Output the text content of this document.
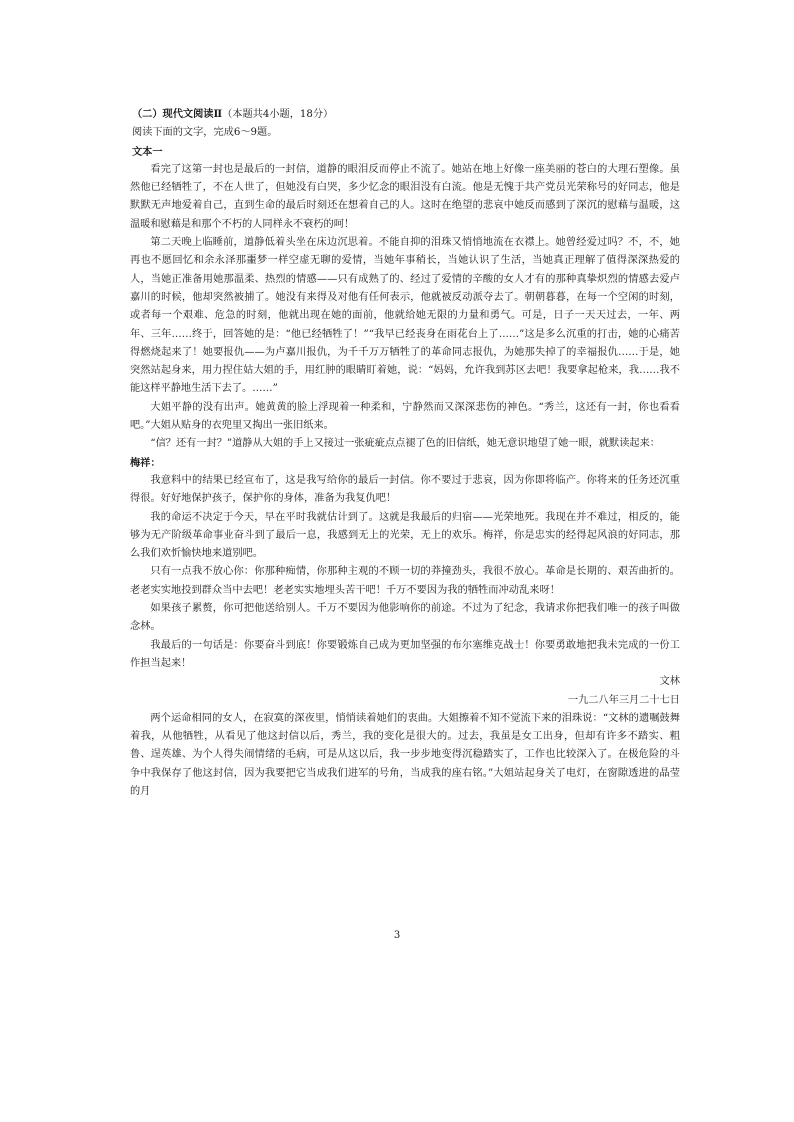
（二）现代文阅读Ⅱ（本题共4小题，18分）

阅读下面的文字，完成6～9题。

文本一

看完了这第一封也是最后的一封信，道静的眼泪反而停止不流了。她站在地上好像一座美丽的苍白的大理石塑像。虽然他已经牺牲了，不在人世了，但她没有白哭，多少忆念的眼泪没有白流。他是无愧于共产党员光荣称号的好同志，他是默默无声地爱着自己，直到生命的最后时刻还在想着自己的人。这时在绝望的悲哀中她反而感到了深沉的慰藉与温暖，这温暖和慰藉是和那个不朽的人同样永不衰朽的呵！

第二天晚上临睡前，道静低着头坐在床边沉思着。不能自抑的泪珠又悄悄地流在衣襟上。她曾经爱过吗？不，不，她再也不愿回忆和余永泽那噩梦一样空虚无聊的爱情，当她年事稍长，当她认识了生活，当她真正理解了值得深深热爱的人，当她正准备用她那温柔、热烈的情感——只有成熟了的、经过了爱情的辛酸的女人才有的那种真挚炽烈的情感去爱卢嘉川的时候，他却突然被捕了。她没有来得及对他有任何表示，他就被反动派夺去了。朝朝暮暮，在每一个空闲的时刻，或者每一个艰难、危急的时刻，他就出现在她的面前，他就给她无限的力量和勇气。可是，日子一天天过去，一年、两年、三年……终于，回答她的是：“他已经牺牲了！”“我早已经丧身在雨花台上了……”这是多么沉重的打击，她的心痛苦得燃烧起来了！她要报仇——为卢嘉川报仇，为千千万万牺牲了的革命同志报仇，为她那失掉了的幸福报仇……于是，她突然站起身来，用力捏住姑大姐的手，用红肿的眼睛盯着她，说：“妈妈，允许我到苏区去吧！我要拿起枪来，我……我不能这样平静地生活下去了。……”

大姐平静的没有出声。她黄黄的脸上浮现着一种柔和，宁静然而又深深悲伤的神色。“秀兰，这还有一封，你也看看吧。”大姐从贴身的衣兜里又掏出一张旧纸来。

“信？还有一封？”道静从大姐的手上又接过一张疵疵点点褪了色的旧信纸，她无意识地望了她一眼，就默读起来：

梅祥：

我意料中的结果已经宣布了，这是我写给你的最后一封信。你不要过于悲哀，因为你即将临产。你将来的任务还沉重得很。好好地保护孩子，保护你的身体，准备为我复仇吧！

我的命运不决定于今天，早在平时我就估计到了。这就是我最后的归宿——光荣地死。我现在并不难过，相反的，能够为无产阶级革命事业奋斗到了最后一息，我感到无上的光荣，无上的欢乐。梅祥，你是忠实的经得起风浪的好同志，那么我们欢忻愉快地来道别吧。

只有一点我不放心你：你那种痴情，你那种主观的不顾一切的莽撞劲头，我很不放心。革命是长期的、艰苦曲折的。老老实实地投到群众当中去吧！老老实实地埋头苦干吧！千万不要因为我的牺牲而冲动乱来呀！

如果孩子累赘，你可把他送给别人。千万不要因为他影响你的前途。不过为了纪念，我请求你把我们唯一的孩子叫做念林。

我最后的一句话是：你要奋斗到底！你要锻炼自己成为更加坚强的布尔塞维克战士！你要勇敢地把我未完成的一份工作担当起来！

文林

一九二八年三月二十七日

两个运命相同的女人，在寂寞的深夜里，悄悄读着她们的衷曲。大姐擦着不知不觉流下来的泪珠说：“文林的遗嘱鼓舞着我，从他牺牲，从看见了他这封信以后，秀兰，我的变化是很大的。过去，我虽是女工出身，但却有许多不踏实、粗鲁、逞英雄、为个人得失闹情绪的毛病，可是从这以后，我一步步地变得沉稳踏实了，工作也比较深入了。在极危险的斗争中我保存了他这封信，因为我要把它当成我们进军的号角，当成我的座右铭。”大姐站起身关了电灯，在窗隙透进的晶莹的月

3
